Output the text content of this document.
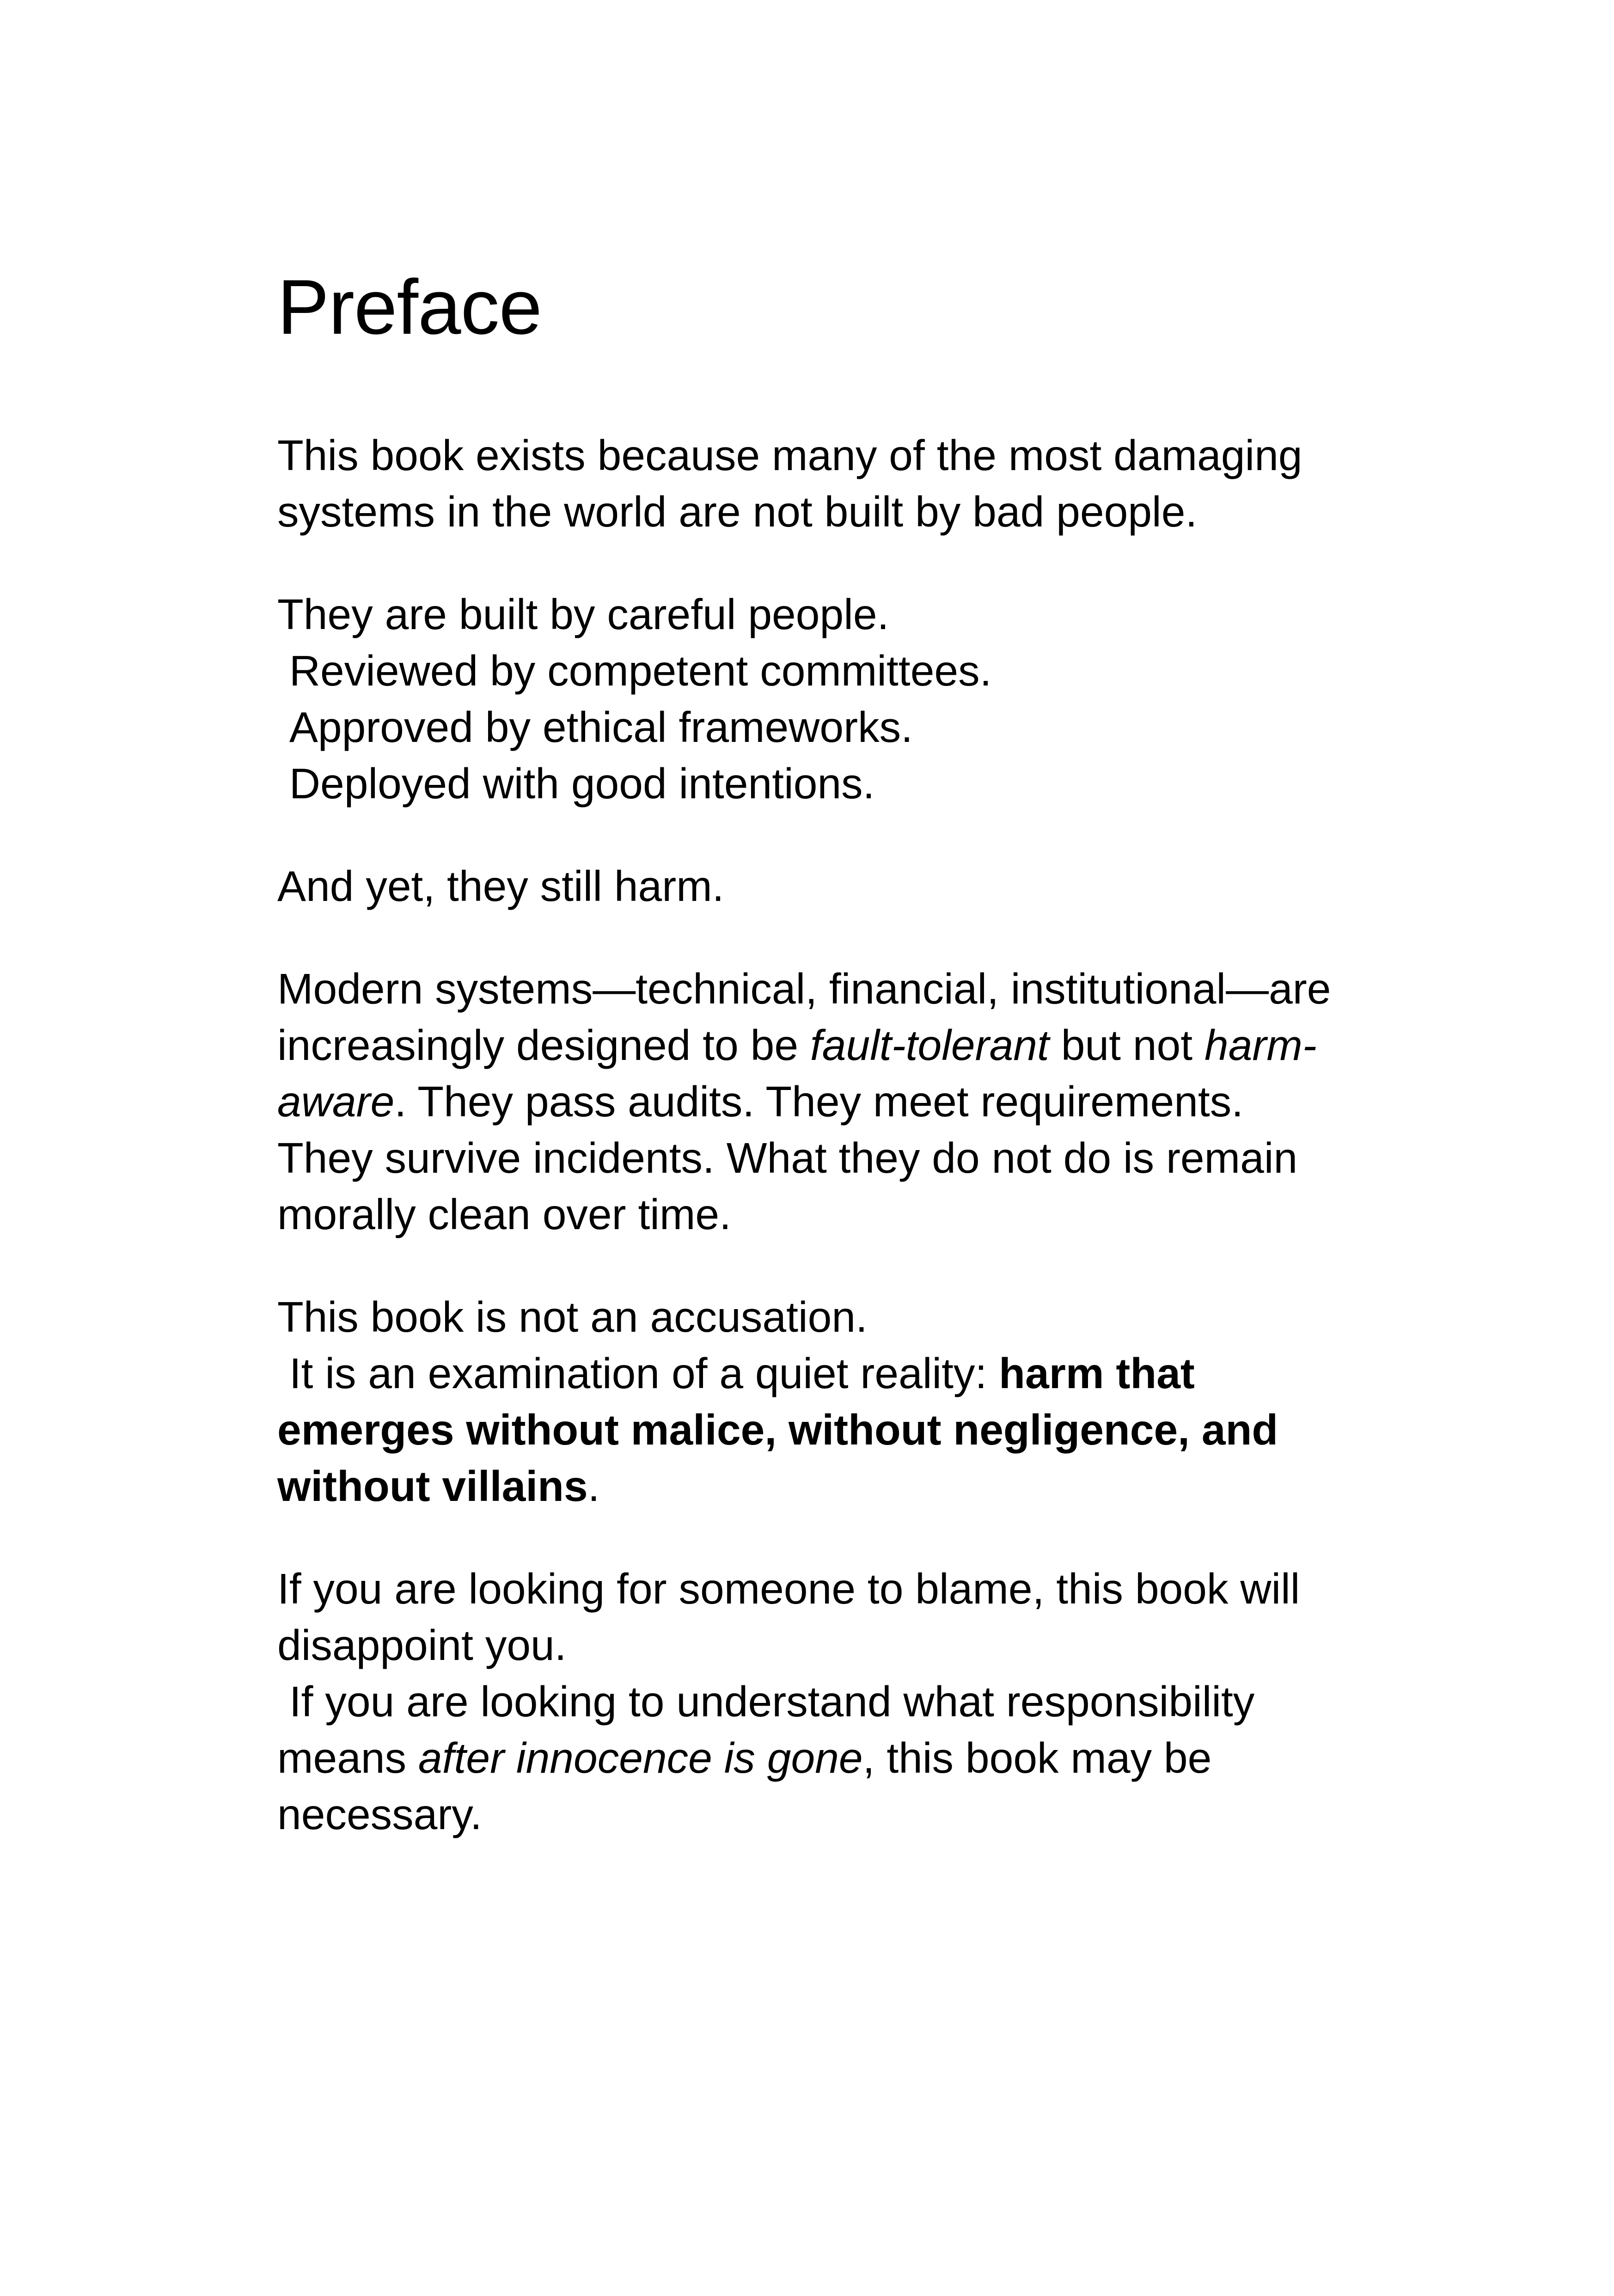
Preface

This book exists because many of the most damaging systems in the world are not built by bad people.

They are built by careful people.
Reviewed by competent committees.
Approved by ethical frameworks.
Deployed with good intentions.

And yet, they still harm.

Modern systems—technical, financial, institutional—are increasingly designed to be fault-tolerant but not harm-aware. They pass audits. They meet requirements. They survive incidents. What they do not do is remain morally clean over time.

This book is not an accusation.
It is an examination of a quiet reality: harm that emerges without malice, without negligence, and without villains.

If you are looking for someone to blame, this book will disappoint you.
If you are looking to understand what responsibility means after innocence is gone, this book may be necessary.
